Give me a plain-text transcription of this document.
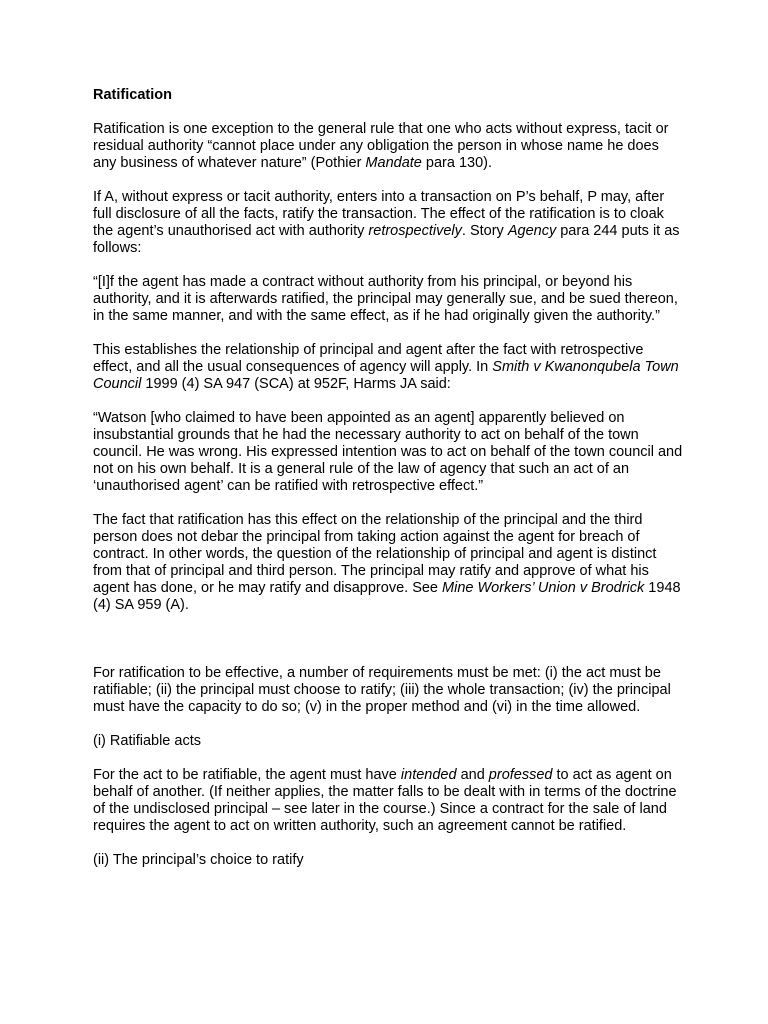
Ratification

Ratification is one exception to the general rule that one who acts without express, tacit or residual authority “cannot place under any obligation the person in whose name he does any business of whatever nature” (Pothier Mandate para 130).

If A, without express or tacit authority, enters into a transaction on P’s behalf, P may, after full disclosure of all the facts, ratify the transaction. The effect of the ratification is to cloak the agent’s unauthorised act with authority retrospectively. Story Agency para 244 puts it as follows:

“[I]f the agent has made a contract without authority from his principal, or beyond his authority, and it is afterwards ratified, the principal may generally sue, and be sued thereon, in the same manner, and with the same effect, as if he had originally given the authority.”

This establishes the relationship of principal and agent after the fact with retrospective effect, and all the usual consequences of agency will apply. In Smith v Kwanonqubela Town Council 1999 (4) SA 947 (SCA) at 952F, Harms JA said:

“Watson [who claimed to have been appointed as an agent] apparently believed on insubstantial grounds that he had the necessary authority to act on behalf of the town council. He was wrong. His expressed intention was to act on behalf of the town council and not on his own behalf. It is a general rule of the law of agency that such an act of an ‘unauthorised agent’ can be ratified with retrospective effect.”

The fact that ratification has this effect on the relationship of the principal and the third person does not debar the principal from taking action against the agent for breach of contract. In other words, the question of the relationship of principal and agent is distinct from that of principal and third person. The principal may ratify and approve of what his agent has done, or he may ratify and disapprove. See Mine Workers’ Union v Brodrick 1948 (4) SA 959 (A).

For ratification to be effective, a number of requirements must be met: (i) the act must be ratifiable; (ii) the principal must choose to ratify; (iii) the whole transaction; (iv) the principal must have the capacity to do so; (v) in the proper method and (vi) in the time allowed.

(i) Ratifiable acts

For the act to be ratifiable, the agent must have intended and professed to act as agent on behalf of another. (If neither applies, the matter falls to be dealt with in terms of the doctrine of the undisclosed principal – see later in the course.) Since a contract for the sale of land requires the agent to act on written authority, such an agreement cannot be ratified.

(ii) The principal’s choice to ratify
